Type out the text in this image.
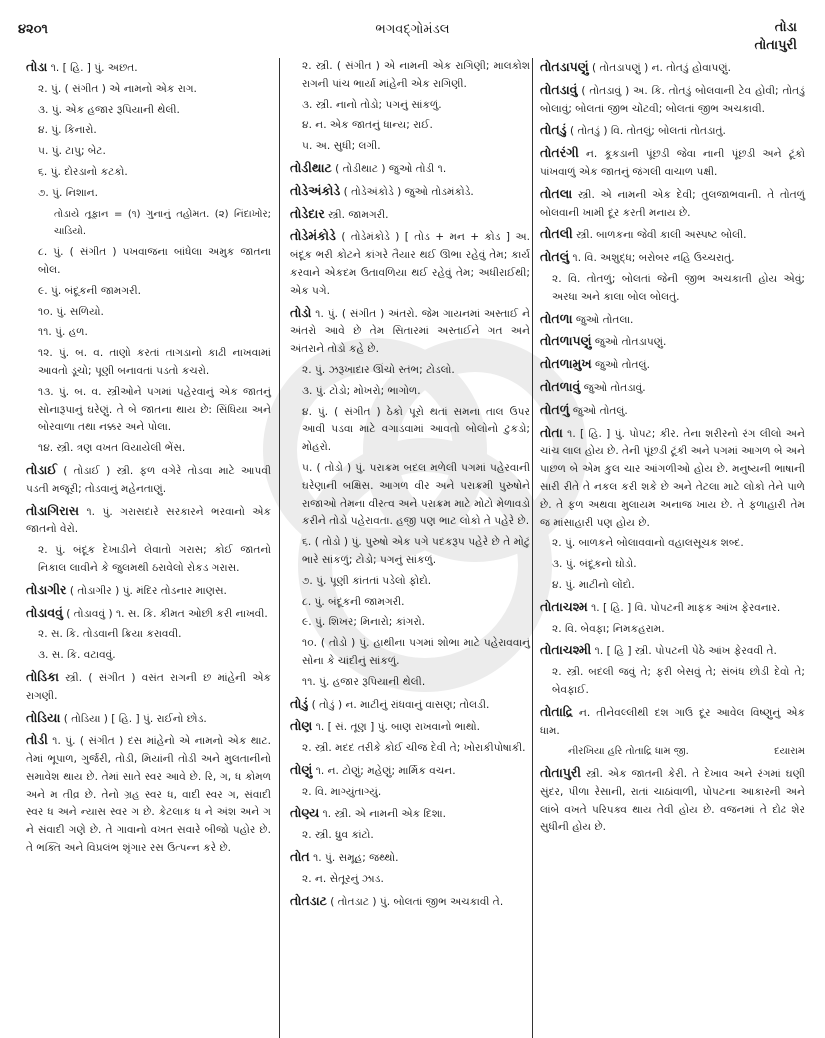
૪૨૦૧	ભગવદ્ગોમંડલ	તોડા
તોતાપુરી
તોડા ૧. [ હિ. ] પું. અછત.
૨. પું. ( સંગીત ) એ નામનો એક રાગ.
૩. પું. એક હજાર રૂપિયાની થેલી.
૪. પું. કિનારો.
૫. પું. ટાપુ; બેટ.
૬. પું. દોરડાનો કટકો.
૭. પું. નિશાન.
તોડાયે તૂફાન = (૧) ગુનાનું તહોમત. (૨) નિંદાખોર; ચાડિયો.
૮. પું. ( સંગીત ) પખવાજના બાંધેલા અમુક જાતના બોલ.
૯. પું. બંદૂકની જામગરી.
૧૦. પું. સળિયો.
૧૧. પું. હળ.
૧૨. પું. બ. વ. તાણો કરતાં તાગડાનો કાઢી નાખવામાં આવતો ડૂચો; પૂણી બનાવતાં પડતો કચરો.
૧૩. પું. બ. વ. સ્ત્રીઓને પગમાં પહેરવાનું એક જાતનું સોનારૂપાનું ઘરેણું. તે બે જાતના થાય છે: સિંધિયા અને બોરવાળા તથા નક્કર અને પોલા.
૧૪. સ્ત્રી. ત્રણ વખત વિયાયેલી ભેંસ.
તોડાઈ ( તોડાઈ ) સ્ત્રી. ફળ વગેરે તોડવા માટે આપવી પડતી મજૂરી; તોડવાનું મહેનતાણું.
તોડાગિરાસ ૧. પું. ગરાસદારે સરકારને ભરવાનો એક જાતનો વેરો.
૨. પું. બંદૂક દેખાડીને લેવાતો ગરાસ; કોઈ જાતનો નિકાલ લાવીને કે જુલમથી ઠરાવેલો રોકડ ગરાસ.
તોડાગીર ( તોડાગીર ) પું. મંદિર તોડનાર માણસ.
તોડાવવું ( તોડાવવું ) ૧. સ. કિ. કીમત ઓછી કરી નાખવી.
૨. સ. કિ. તોડવાની ક્રિયા કરાવવી.
૩. સ. કિ. વટાવવું.
તોડિકા સ્ત્રી. ( સંગીત ) વસંત રાગની છ માંહેની એક રાગણી.
તોડિયા ( તોડિયા ) [ હિ. ] પું. રાઈનો છોડ.
તોડી ૧. પું. ( સંગીત ) દસ માંહેનો એ નામનો એક થાટ. તેમાં ભૂપાળ, ગુર્જરી, તોડી, મિયાંની તોડી અને મુલતાનીનો સમાવેશ થાય છે. તેમાં સાતે સ્વર આવે છે. રિ, ગ, ધ કોમળ અને મ તીવ્ર છે. તેનો ગ્રહ સ્વર ધ, વાદી સ્વર ગ, સંવાદી સ્વર ધ અને ન્યાસ સ્વર ગ છે. કેટલાક ધ ને અંશ અને ગ ને સંવાદી ગણે છે. તે ગાવાનો વખત સવારે બીજો પહોર છે. તે ભક્તિ અને વિપ્રલંભ શૃંગાર રસ ઉત્પન્ન કરે છે.
૨. સ્ત્રી. ( સંગીત ) એ નામની એક રાગિણી; માલકોશ રાગની પાંચ ભાર્યા માંહેની એક રાગિણી.
૩. સ્ત્રી. નાનો તોડો; પગનું સાંકળું.
૪. ન. એક જાતનું ધાન્ય; રાઈ.
૫. અ. સુધી; લગી.
તોડીથાટ ( તોડીથાટ ) જુઓ તોડી ૧.
તોડેઅંકોડે ( તોડેઅંકોડે ) જુઓ તોડમંકોડે.
તોડેદાર સ્ત્રી. જામગરી.
તોડેમંકોડે ( તોડેમંકોડે ) [ તોડ + મન + કોડ ] અ. બંદૂક ભરી કોટને કાંગરે તૈયાર થઈ ઊભા રહેવું તેમ; કાર્ય કરવાને એકદમ ઉતાવળિયા થઈ રહેવું તેમ; અધીરાઈથી; એક પગે.
તોડો ૧. પું. ( સંગીત ) અંતરો. જેમ ગાયનમાં અસ્તાઈ ને અંતરો આવે છે તેમ સિતારમાં અસ્તાઈને ગત અને અંતરાને તોડો કહે છે.
૨. પું. ઝરૂખાદાર ઊંચો સ્તંભ; ટોડલો.
૩. પું. ટોડો; મોખરો; ભાગોળ.
૪. પું. ( સંગીત ) ઠેકો પૂરો થતાં સમના તાલ ઉપર આવી પડવા માટે વગાડવામાં આવતો બોલોનો ટુકડો; મોહરો.
૫. ( તોડો ) પું. પરાક્રમ બદલ મળેલી પગમાં પહેરવાની ઘરેણાની બક્ષિસ. આગળ વીર અને પરાક્રમી પુરુષોને રાજાઓ તેમના વીરત્વ અને પરાક્રમ માટે મોટો મેળાવડો કરીને તોડો પહેરાવતા. હજી પણ ભાટ લોકો તે પહેરે છે.
૬. ( તોડો ) પું. પુરુષો એક પગે પદકરૂપ પહેરે છે તે મોટું ભારે સાંકળું; ટોડો; પગનું સાંકળું.
૭. પું. પૂણી કાંતતાં પડેલો ફોદો.
૮. પું. બંદૂકની જામગરી.
૯. પું. શિખર; મિનારો; કાંગરો.
૧૦. ( તોડો ) પું. હાથીના પગમાં શોભા માટે પહેરાવવાનું સોના કે ચાંદીનું સાંકળું.
૧૧. પું. હજાર રૂપિયાની થેલી.
તોડું ( તોડું ) ન. માટીનું રાંધવાનું વાસણ; તોલડી.
તોણ ૧. [ સં. તૂણ ] પું. બાણ રાખવાનો ભાથો.
૨. સ્ત્રી. મદદ તરીકે કોઈ ચીજ દેવી તે; ખોરાકીપોષાકી.
તોણું ૧. ન. ટોણું; મહેણું; માર્મિક વચન.
૨. વિ. માગ્યુંતાગ્યું.
તોણ્ય ૧. સ્ત્રી. એ નામની એક દિશા.
૨. સ્ત્રી. ધ્રુવ કાંટો.
તોત ૧. પું. સમૂહ; જથ્થો.
૨. ન. સેતૂરનું ઝાડ.
તોતડાટ ( તોતડાટ ) પું. બોલતાં જીભ અચકાવી તે.
તોતડાપણું ( તોતડાપણું ) ન. તોતડું હોવાપણું.
તોતડાવું ( તોતડાવું ) અ. કિ. તોતડું બોલવાની ટેવ હોવી; તોતડું બોલાવું; બોલતાં જીભ ચોંટવી; બોલતાં જીભ અચકાવી.
તોતડું ( તોતડું ) વિ. તોતલું; બોલતાં તોતડાતું.
તોતરંગી ન. કૂકડાની પૂંછડી જેવા નાની પૂંછડી અને ટૂંકો પાંખવાળું એક જાતનું જંગલી વાચાળ પક્ષી.
તોતલા સ્ત્રી. એ નામની એક દેવી; તુલજાભવાની. તે તોતળું બોલવાની ખામી દૂર કરતી મનાય છે.
તોતલી સ્ત્રી. બાળકના જેવી કાલી અસ્પષ્ટ બોલી.
તોતલું ૧. વિ. અશુદ્ધ; બરોબર નહિ ઉચ્ચરાતું.
૨. વિ. તોતળું; બોલતાં જેની જીભ અચકાતી હોય એવું; અરધા અને કાલા બોલ બોલતું.
તોતળા જુઓ તોતલા.
તોતળાપણું જુઓ તોતડાપણું.
તોતળામુખ જુઓ તોતલું.
તોતળાવું જુઓ તોતડાવું.
તોતળું જુઓ તોતલું.
તોતા ૧. [ હિ. ] પું. પોપટ; કીર. તેના શરીરનો રંગ લીલો અને ચાંચ લાલ હોય છે. તેની પૂંછડી ટૂંકી અને પગમાં આગળ બે અને પાછળ બે એમ કુલ ચાર આંગળીઓ હોય છે. મનુષ્યની ભાષાની સારી રીતે તે નકલ કરી શકે છે અને તેટલા માટે લોકો તેને પાળે છે. તે ફળ અથવા મુલાયમ અનાજ ખાય છે. તે ફળાહારી તેમ જ માંસાહારી પણ હોય છે.
૨. પું. બાળકને બોલાવવાનો વહાલસૂચક શબ્દ.
૩. પું. બંદૂકનો ઘોડો.
૪. પું. માટીનો લોંદો.
તોતાચશ્મ ૧. [ હિ. ] વિ. પોપટની માફક આંખ ફેરવનાર.
૨. વિ. બેવફા; નિમકહરામ.
તોતાચશ્મી ૧. [ હિ ] સ્ત્રી. પોપટની પેઠે આંખ ફેરવવી તે.
૨. સ્ત્રી. બદલી જવું તે; ફરી બેસવું તે; સંબંધ છોડી દેવો તે; બેવફાઈ.
તોતાદ્રિ ન. તીનેવલ્લીથી દશ ગાઉ દૂર આવેલ વિષ્ણુનું એક ધામ.
નીરખિયા હરિ તોતાદ્રિ ધામ જી.	દયારામ
તોતાપુરી સ્ત્રી. એક જાતની કેરી. તે દેખાવ અને રંગમાં ઘણી સુંદર, પીળા રેસાની, રાતાં ચાઠાંવાળી, પોપટના આકારની અને લાંબે વખતે પરિપક્વ થાય તેવી હોય છે. વજનમાં તે દોઢ શેર સુધીની હોય છે.
